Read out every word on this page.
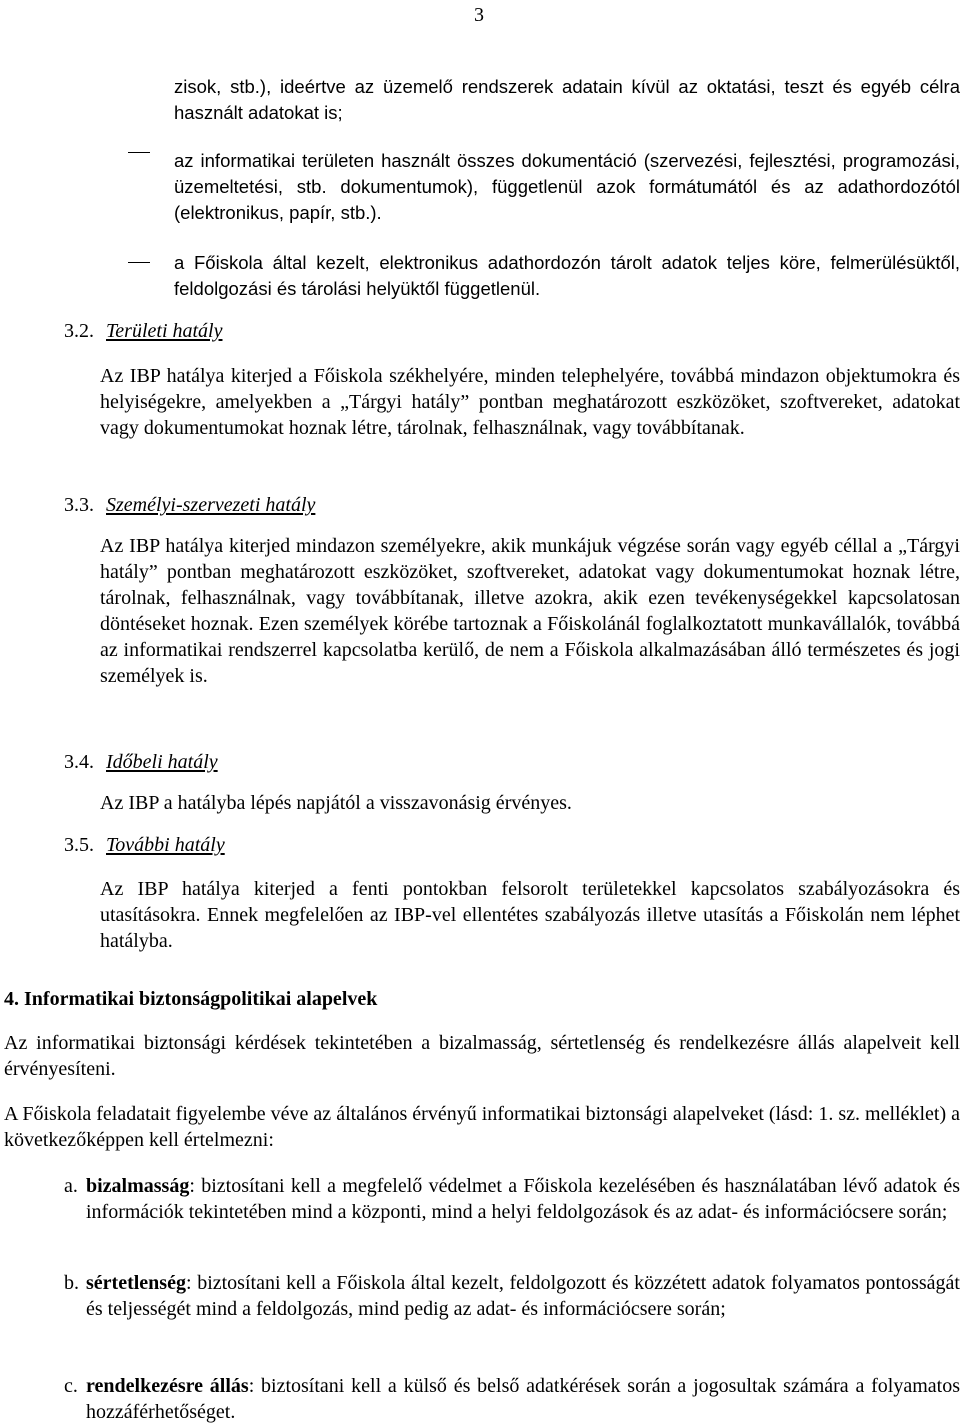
3
zisok, stb.), ideértve az üzemelő rendszerek adatain kívül az oktatási, teszt és egyéb célra használt adatokat is;
az informatikai területen használt összes dokumentáció (szervezési, fejlesztési, programozási, üzemeltetési, stb. dokumentumok), függetlenül azok formátumától és az adathordozótól (elektronikus, papír, stb.).
a Főiskola által kezelt, elektronikus adathordozón tárolt adatok teljes köre, felmerülésüktől, feldolgozási és tárolási helyüktől függetlenül.
3.2. Területi hatály
Az IBP hatálya kiterjed a Főiskola székhelyére, minden telephelyére, továbbá mindazon objektumokra és helyiségekre, amelyekben a „Tárgyi hatály” pontban meghatározott eszközöket, szoftvereket, adatokat vagy dokumentumokat hoznak létre, tárolnak, felhasználnak, vagy továbbítanak.
3.3. Személyi-szervezeti hatály
Az IBP hatálya kiterjed mindazon személyekre, akik munkájuk végzése során vagy egyéb céllal a „Tárgyi hatály” pontban meghatározott eszközöket, szoftvereket, adatokat vagy dokumentumokat hoznak létre, tárolnak, felhasználnak, vagy továbbítanak, illetve azokra, akik ezen tevékenységekkel kapcsolatosan döntéseket hoznak. Ezen személyek körébe tartoznak a Főiskolánál foglalkoztatott munkavállalók, továbbá az informatikai rendszerrel kapcsolatba kerülő, de nem a Főiskola alkalmazásában álló természetes és jogi személyek is.
3.4. Időbeli hatály
Az IBP a hatályba lépés napjától a visszavonásig érvényes.
3.5. További hatály
Az IBP hatálya kiterjed a fenti pontokban felsorolt területekkel kapcsolatos szabályozásokra és utasításokra. Ennek megfelelően az IBP-vel ellentétes szabályozás illetve utasítás a Főiskolán nem léphet hatályba.
4. Informatikai biztonságpolitikai alapelvek
Az informatikai biztonsági kérdések tekintetében a bizalmasság, sértetlenség és rendelkezésre állás alapelveit kell érvényesíteni.
A Főiskola feladatait figyelembe véve az általános érvényű informatikai biztonsági alapelveket (lásd: 1. sz. melléklet) a következőképpen kell értelmezni:
a. bizalmasság: biztosítani kell a megfelelő védelmet a Főiskola kezelésében és használatában lévő adatok és információk tekintetében mind a központi, mind a helyi feldolgozások és az adat- és információcsere során;
b. sértetlenség: biztosítani kell a Főiskola által kezelt, feldolgozott és közzétett adatok folyamatos pontosságát és teljességét mind a feldolgozás, mind pedig az adat- és információcsere során;
c. rendelkezésre állás: biztosítani kell a külső és belső adatkérések során a jogosultak számára a folyamatos hozzáférhetőséget.
